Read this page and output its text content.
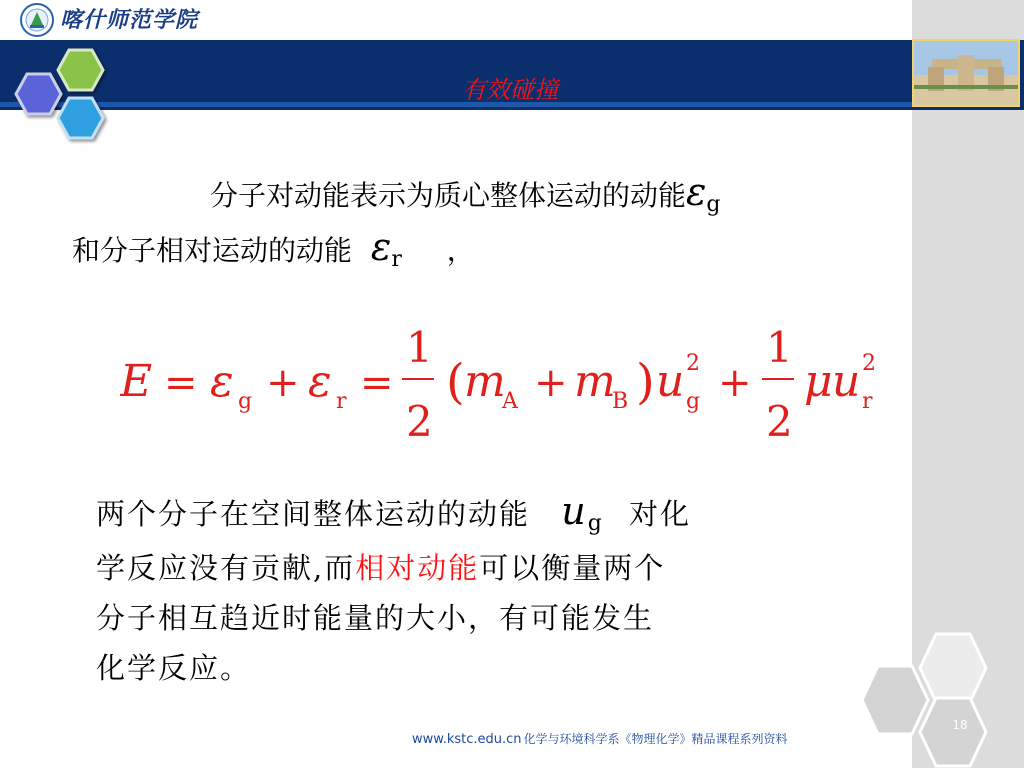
喀什师范学院
有效碰撞
分子对动能表示为质心整体运动的动能εg
和分子相对运动的动能 εr ，
E = ε g + ε r =
1
2
( m
A + m
B ) u 2
g +
1
2
μ u 2
r
两个分子在空间整体运动的动能 ug 对化
学反应没有贡献,而相对动能可以衡量两个
分子相互趋近时能量的大小，有可能发生
化学反应。
18
www.kstc.edu.cn 化学与环境科学系《物理化学》精品课程系列资料
